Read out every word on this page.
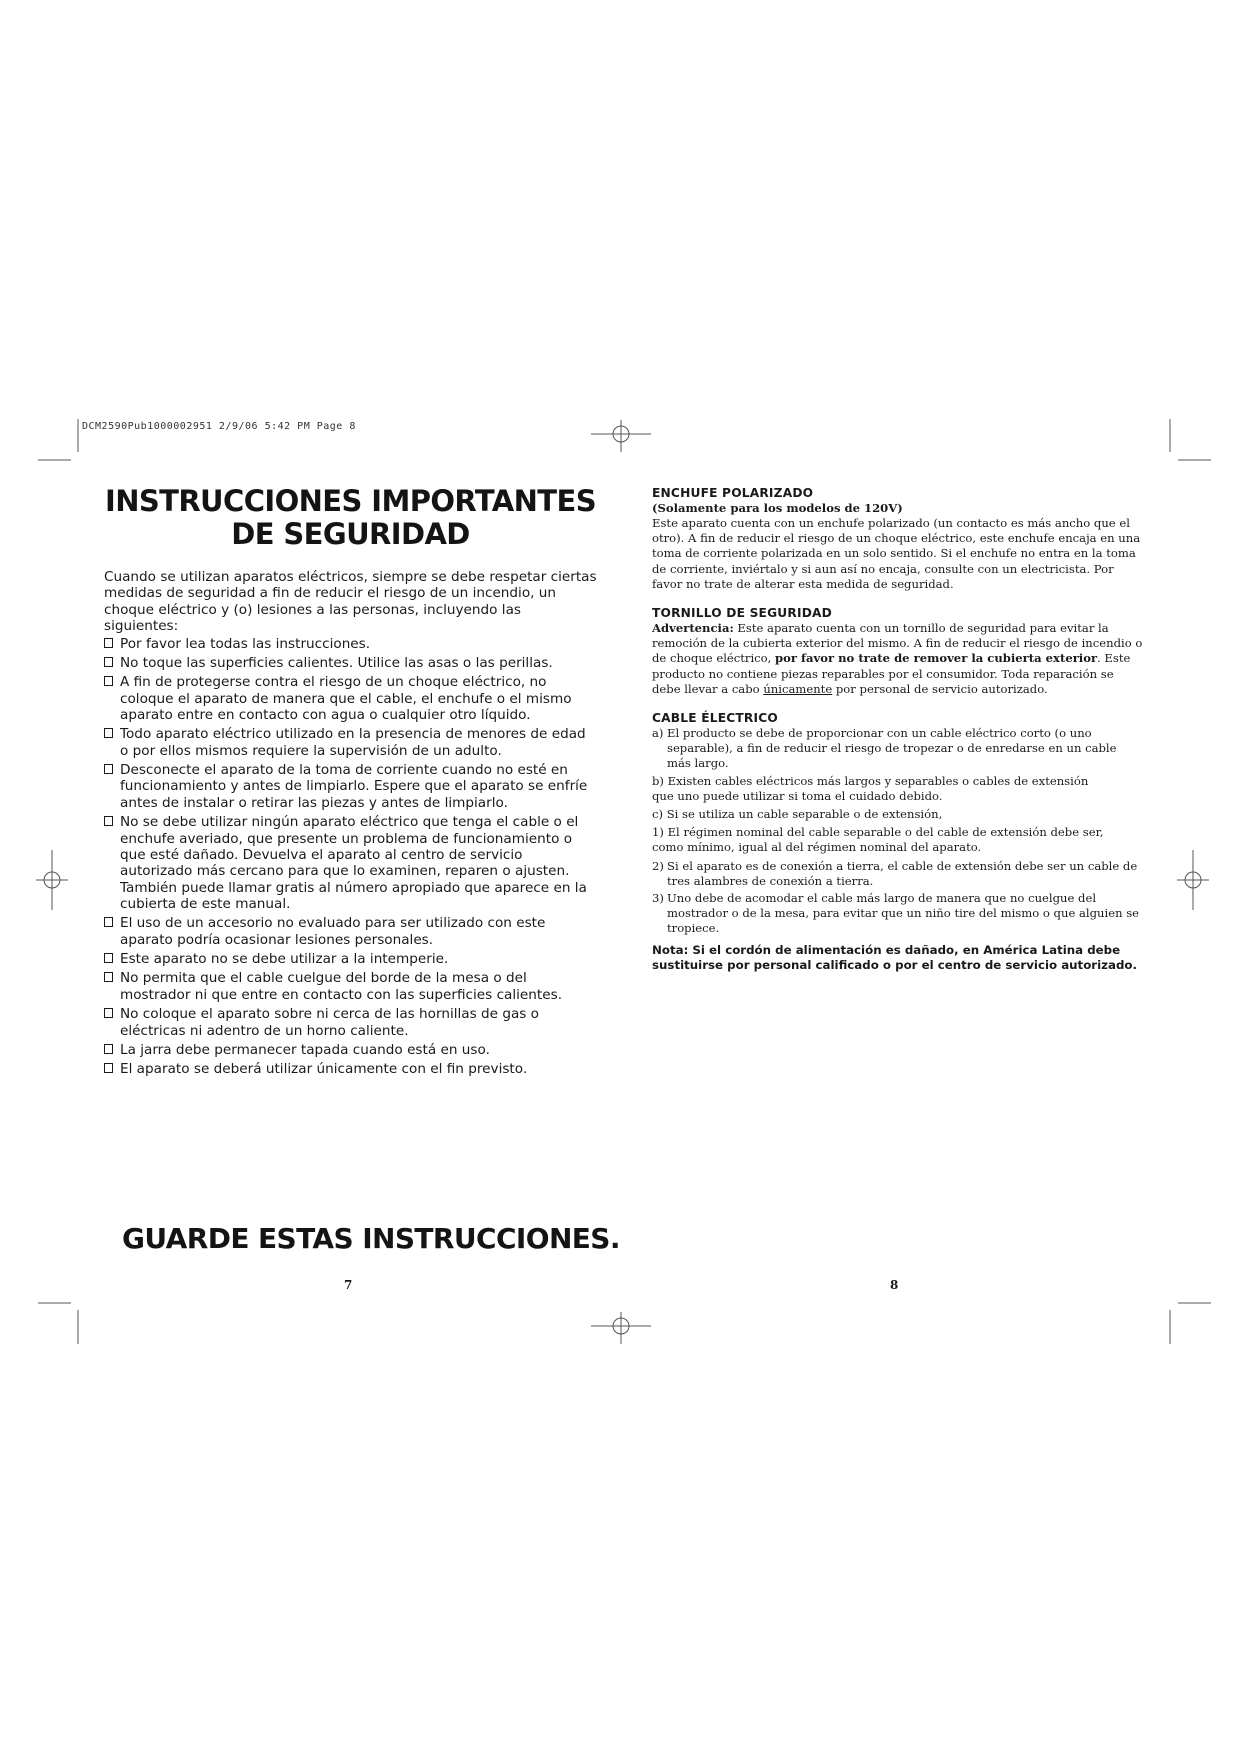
DCM2590Pub1000002951 2/9/06 5:42 PM Page 8
INSTRUCCIONES IMPORTANTES
DE SEGURIDAD

Cuando se utilizan aparatos eléctricos, siempre se debe respetar ciertas medidas de seguridad a fin de reducir el riesgo de un incendio, un choque eléctrico y (o) lesiones a las personas, incluyendo las siguientes:

Por favor lea todas las instrucciones.
No toque las superficies calientes. Utilice las asas o las perillas.
A fin de protegerse contra el riesgo de un choque eléctrico, no coloque el aparato de manera que el cable, el enchufe o el mismo aparato entre en contacto con agua o cualquier otro líquido.
Todo aparato eléctrico utilizado en la presencia de menores de edad o por ellos mismos requiere la supervisión de un adulto.
Desconecte el aparato de la toma de corriente cuando no esté en funcionamiento y antes de limpiarlo. Espere que el aparato se enfríe antes de instalar o retirar las piezas y antes de limpiarlo.
No se debe utilizar ningún aparato eléctrico que tenga el cable o el enchufe averiado, que presente un problema de funcionamiento o que esté dañado. Devuelva el aparato al centro de servicio autorizado más cercano para que lo examinen, reparen o ajusten. También puede llamar gratis al número apropiado que aparece en la cubierta de este manual.
El uso de un accesorio no evaluado para ser utilizado con este aparato podría ocasionar lesiones personales.
Este aparato no se debe utilizar a la intemperie.
No permita que el cable cuelgue del borde de la mesa o del mostrador ni que entre en contacto con las superficies calientes.
No coloque el aparato sobre ni cerca de las hornillas de gas o eléctricas ni adentro de un horno caliente.
La jarra debe permanecer tapada cuando está en uso.
El aparato se deberá utilizar únicamente con el fin previsto.
GUARDE ESTAS INSTRUCCIONES.
7	8

ENCHUFE POLARIZADO

(Solamente para los modelos de 120V)

Este aparato cuenta con un enchufe polarizado (un contacto es más ancho que el otro). A fin de reducir el riesgo de un choque eléctrico, este enchufe encaja en una toma de corriente polarizada en un solo sentido. Si el enchufe no entra en la toma de corriente, inviértalo y si aun así no encaja, consulte con un electricista. Por favor no trate de alterar esta medida de seguridad.

TORNILLO DE SEGURIDAD

Advertencia: Este aparato cuenta con un tornillo de seguridad para evitar la remoción de la cubierta exterior del mismo. A fin de reducir el riesgo de incendio o de choque eléctrico, por favor no trate de remover la cubierta exterior. Este producto no contiene piezas reparables por el consumidor. Toda reparación se debe llevar a cabo únicamente por personal de servicio autorizado.

CABLE ÉLECTRICO

a) El producto se debe de proporcionar con un cable eléctrico corto (o uno separable), a fin de reducir el riesgo de tropezar o de enredarse en un cable más largo.

b) Existen cables eléctricos más largos y separables o cables de extensión

que uno puede utilizar si toma el cuidado debido.

c) Si se utiliza un cable separable o de extensión,

1) El régimen nominal del cable separable o del cable de extensión debe ser,

como mínimo, igual al del régimen nominal del aparato.

2) Si el aparato es de conexión a tierra, el cable de extensión debe ser un cable de tres alambres de conexión a tierra.

3) Uno debe de acomodar el cable más largo de manera que no cuelgue del mostrador o de la mesa, para evitar que un niño tire del mismo o que alguien se tropiece.

Nota: Si el cordón de alimentación es dañado, en América Latina debe sustituirse por personal calificado o por el centro de servicio autorizado.
